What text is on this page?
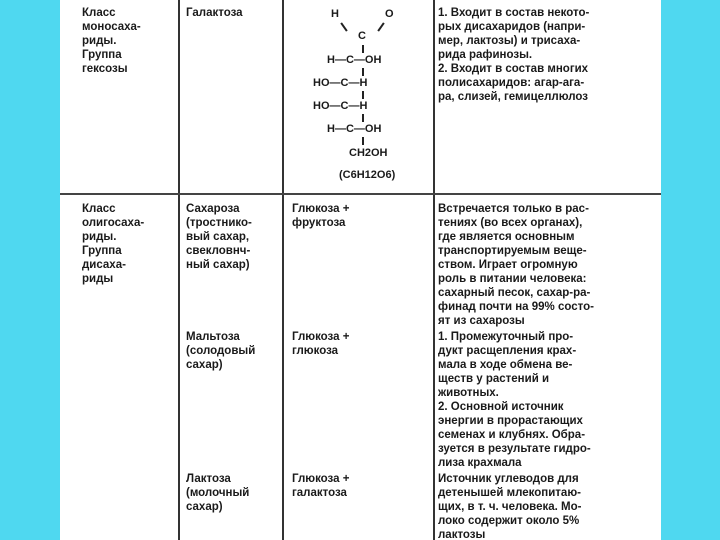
Класс
моносаха-
риды.
Группа
гексозы
Галактоза	1. Входит в состав некото-
рых дисахаридов (напри-
мер, лактозы) и трисаха-
рида рафинозы.
2. Входит в состав многих
полисахаридов: агар-ага-
ра, слизей, гемицеллюлоз
H	O
C
H—C—OH
HO—C—H
HO—C—H
H—C—OH
CH2OH
(C6H12O6)
Класс
олигосаха-
риды.
Группа
дисаха-
риды
Сахароза
(тростнико-
вый сахар,
свекловнч-
ный сахар)
Глюкоза +
фруктоза
Встречается только в рас-
тениях (во всех органах),
где является основным
транспортируемым веще-
ством. Играет огромную
роль в питании человека:
сахарный песок, сахар-ра-
финад почти на 99% состо-
ят из сахарозы
Мальтоза
(солодовый
сахар)
Глюкоза +
глюкоза
1. Промежуточный про-
дукт расщепления крах-
мала в ходе обмена ве-
ществ у растений и
животных.
2. Основной источник
энергии в прорастающих
семенах и клубнях. Обра-
зуется в результате гидро-
лиза крахмала
Лактоза
(молочный
сахар)
Глюкоза +
галактоза
Источник углеводов для
детенышей млекопитаю-
щих, в т. ч. человека. Мо-
локо содержит около 5%
лактозы
